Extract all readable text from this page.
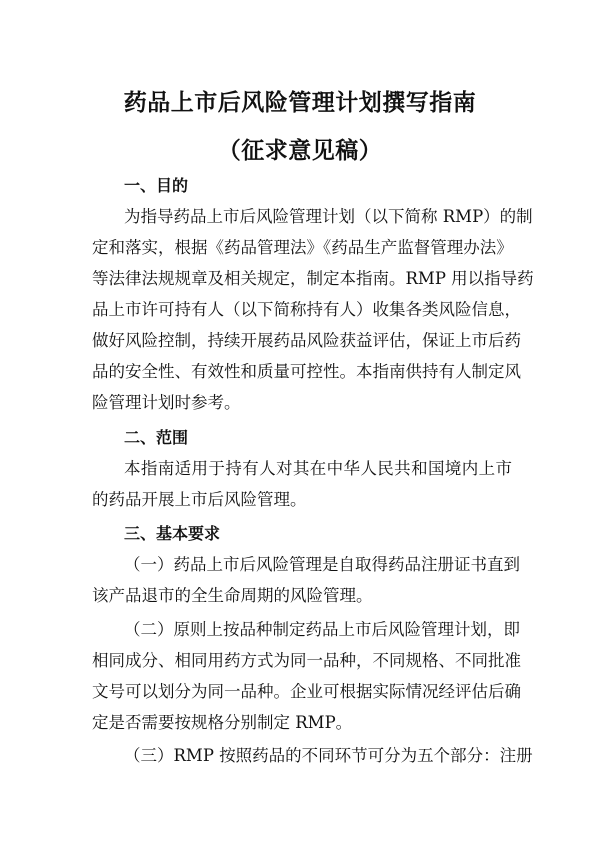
药品上市后风险管理计划撰写指南
（征求意见稿）
一、目的
为指导药品上市后风险管理计划（以下简称 RMP）的制
定和落实，根据《药品管理法》《药品生产监督管理办法》
等法律法规规章及相关规定，制定本指南。RMP 用以指导药
品上市许可持有人（以下简称持有人）收集各类风险信息，
做好风险控制，持续开展药品风险获益评估，保证上市后药
品的安全性、有效性和质量可控性。本指南供持有人制定风
险管理计划时参考。
二、范围
本指南适用于持有人对其在中华人民共和国境内上市
的药品开展上市后风险管理。
三、基本要求
（一）药品上市后风险管理是自取得药品注册证书直到
该产品退市的全生命周期的风险管理。
（二）原则上按品种制定药品上市后风险管理计划，即
相同成分、相同用药方式为同一品种，不同规格、不同批准
文号可以划分为同一品种。企业可根据实际情况经评估后确
定是否需要按规格分别制定 RMP。
（三）RMP 按照药品的不同环节可分为五个部分：注册
